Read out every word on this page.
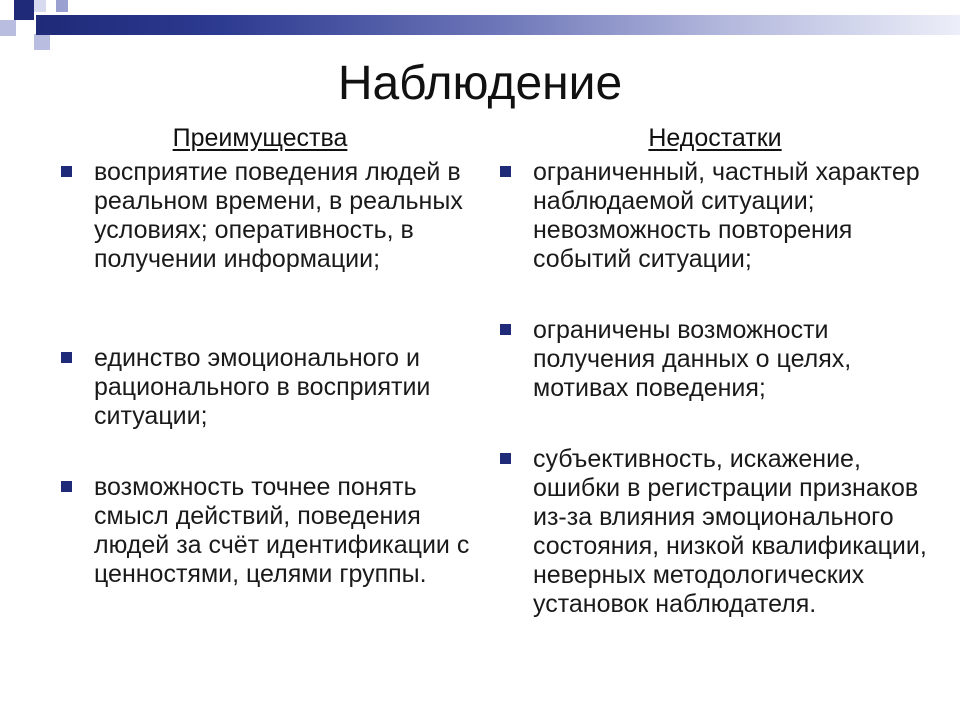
Наблюдение
Преимущества	Недостатки
восприятие поведения людей в реальном времени, в реальных условиях; оперативность, в получении информации;
единство эмоционального и рационального в восприятии ситуации;
возможность точнее понять смысл действий, поведения людей за счёт идентификации с ценностями, целями группы.
ограниченный, частный характер наблюдаемой ситуации; невозможность повторения событий ситуации;
ограничены возможности получения данных о целях, мотивах поведения;
субъективность, искажение, ошибки в регистрации признаков из-за влияния эмоционального состояния, низкой квалификации, неверных методологических установок наблюдателя.
